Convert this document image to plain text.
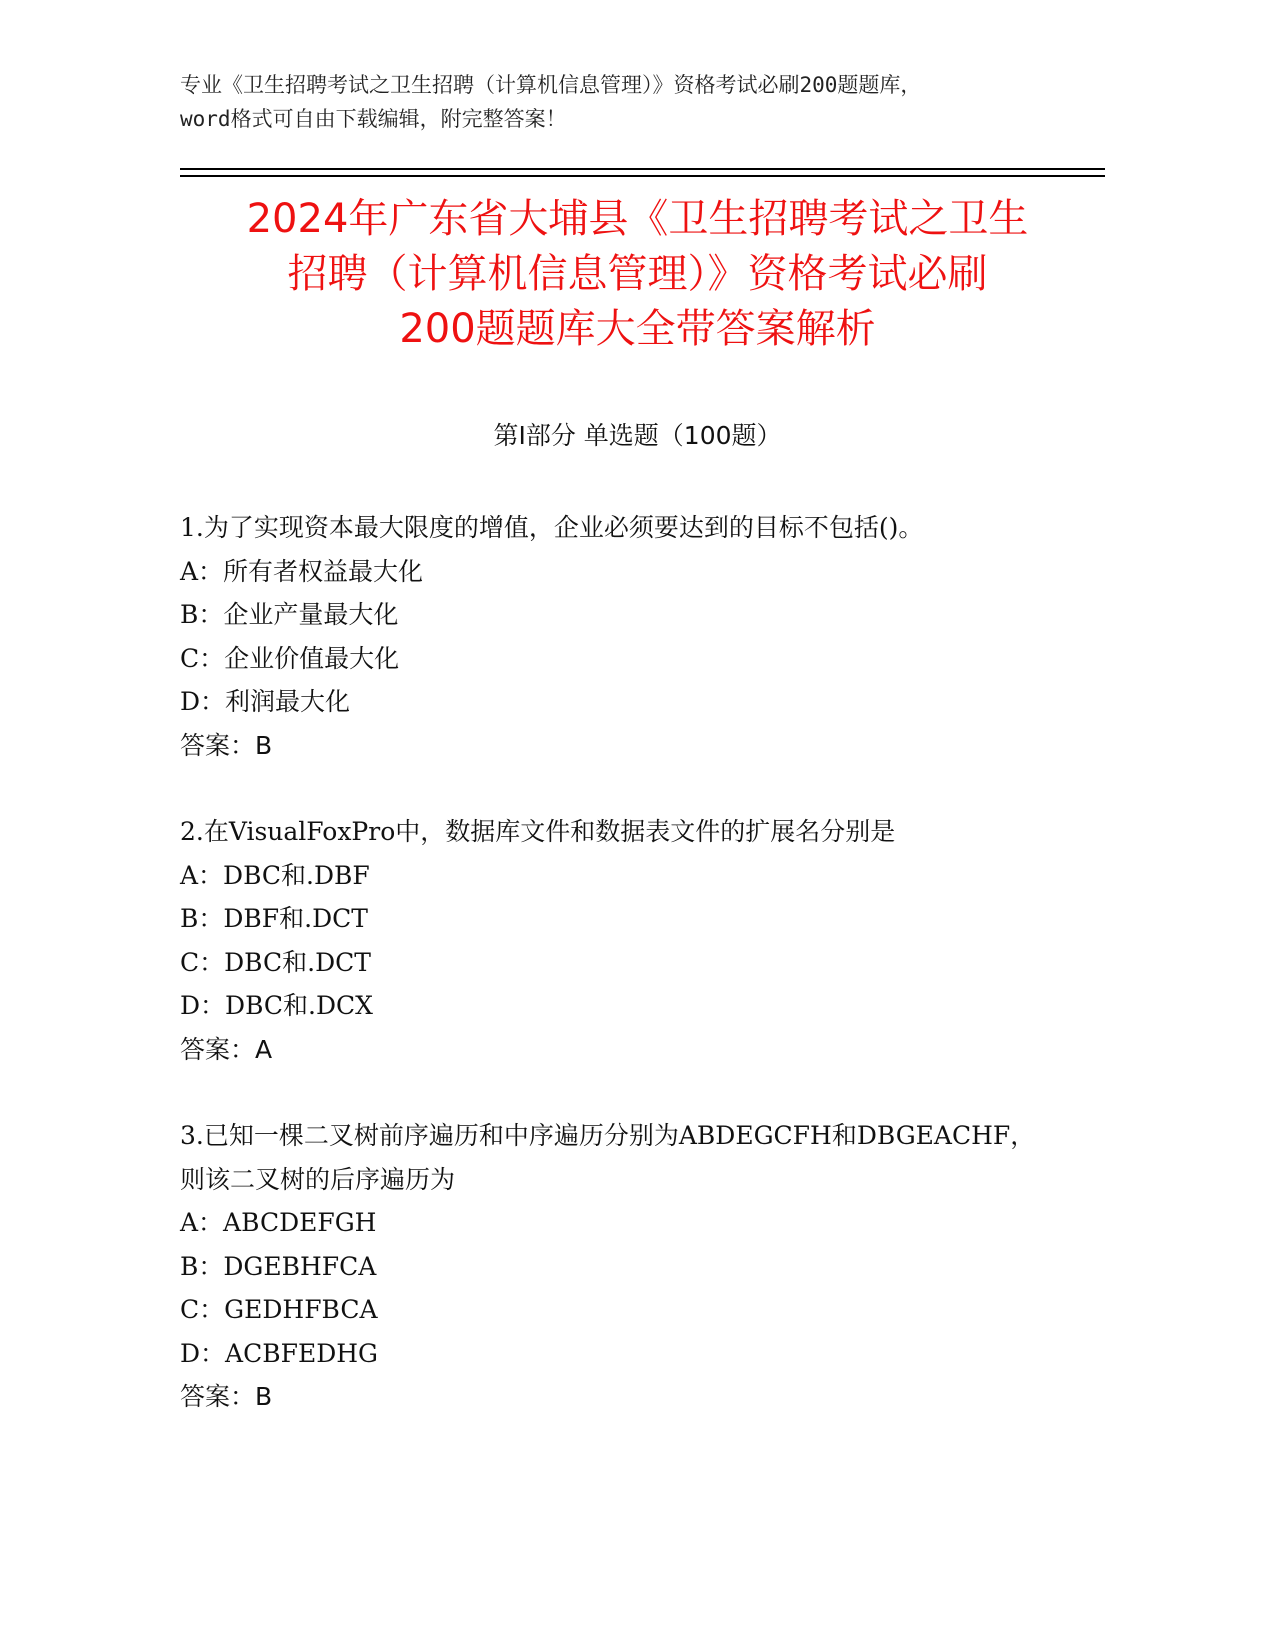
专业《卫生招聘考试之卫生招聘（计算机信息管理）》资格考试必刷200题题库，
word格式可自由下载编辑，附完整答案！
2024年广东省大埔县《卫生招聘考试之卫生
招聘（计算机信息管理）》资格考试必刷
200题题库大全带答案解析
第Ⅰ部分 单选题（100题）
1.为了实现资本最大限度的增值，企业必须要达到的目标不包括()。
A：所有者权益最大化
B：企业产量最大化
C：企业价值最大化
D：利润最大化
答案：B
2.在VisualFoxPro中，数据库文件和数据表文件的扩展名分别是
A：DBC和.DBF
B：DBF和.DCT
C：DBC和.DCT
D：DBC和.DCX
答案：A
3.已知一棵二叉树前序遍历和中序遍历分别为ABDEGCFH和DBGEACHF，
则该二叉树的后序遍历为
A：ABCDEFGH
B：DGEBHFCA
C：GEDHFBCA
D：ACBFEDHG
答案：B
